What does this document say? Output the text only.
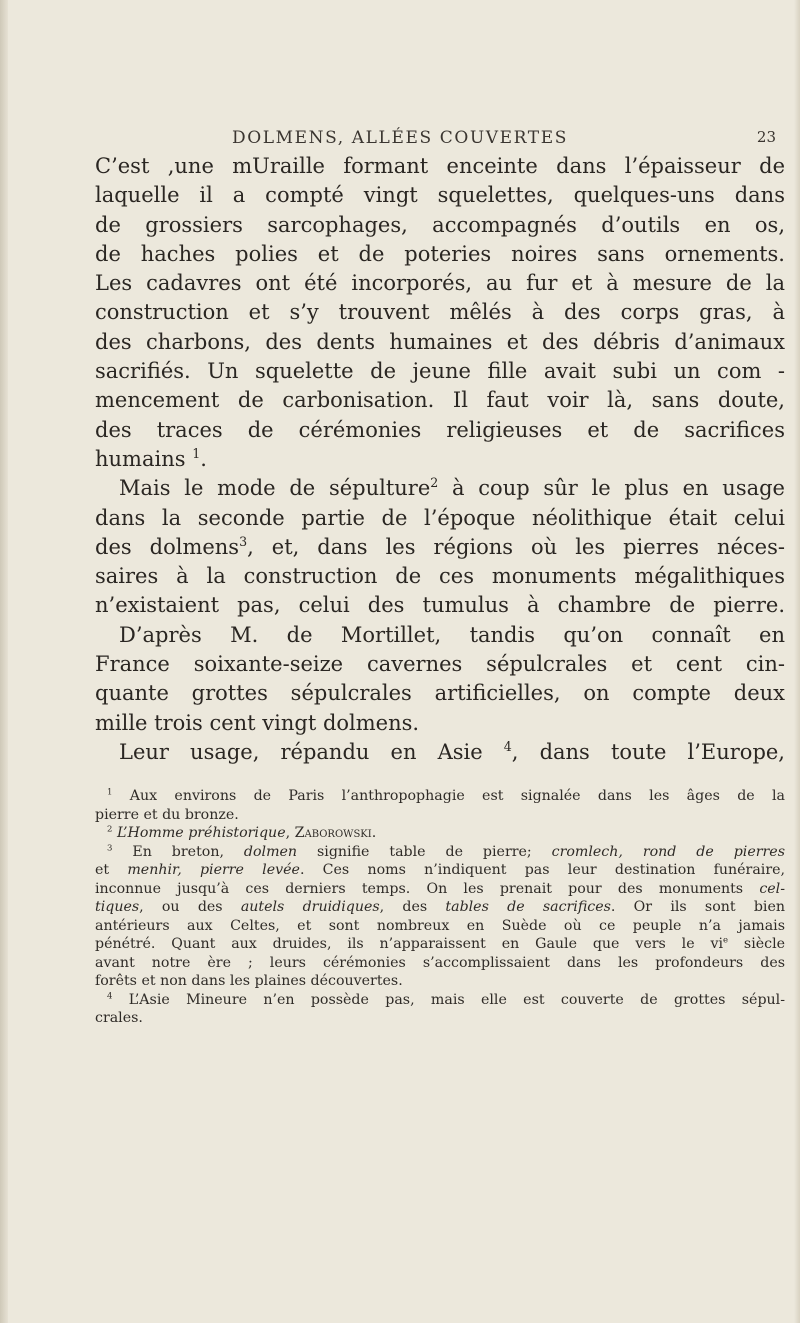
DOLMENS, ALLÉES COUVERTES	23
C’est ,une mUraille formant enceinte dans l’épaisseur de
laquelle il a compté vingt squelettes, quelques-uns dans
de grossiers sarcophages, accompagnés d’outils en os,
de haches polies et de poteries noires sans ornements.
Les cadavres ont été incorporés, au fur et à mesure de la
construction et s’y trouvent mêlés à des corps gras, à
des charbons, des dents humaines et des débris d’animaux
sacrifiés. Un squelette de jeune fille avait subi un com -
mencement de carbonisation. Il faut voir là, sans doute,
des traces de cérémonies religieuses et de sacrifices
humains $^1$.
Mais le mode de sépulture$^2$ à coup sûr le plus en usage
dans la seconde partie de l’époque néolithique était celui
des dolmens$^3$, et, dans les régions où les pierres néces-
saires à la construction de ces monuments mégalithiques
n’existaient pas, celui des tumulus à chambre de pierre.
D’après M. de Mortillet, tandis qu’on connaît en
France soixante-seize cavernes sépulcrales et cent cin-
quante grottes sépulcrales artificielles, on compte deux
mille trois cent vingt dolmens.
Leur usage, répandu en Asie $^4$, dans toute l’Europe,
$^1$ Aux environs de Paris l’anthropophagie est signalée dans les âges de la
pierre et du bronze.
$^2$ L’Homme préhistorique, Zaborowski.
$^3$ En breton, dolmen signifie table de pierre; cromlech, rond de pierres
et menhir, pierre levée. Ces noms n’indiquent pas leur destination funéraire,
inconnue jusqu’à ces derniers temps. On les prenait pour des monuments cel-
tiques, ou des autels druidiques, des tables de sacrifices. Or ils sont bien
antérieurs aux Celtes, et sont nombreux en Suède où ce peuple n’a jamais
pénétré. Quant aux druides, ils n’apparaissent en Gaule que vers le $vi^e$ siècle
avant notre ère ; leurs cérémonies s’accomplissaient dans les profondeurs des
forêts et non dans les plaines découvertes.
$^4$ L’Asie Mineure n’en possède pas, mais elle est couverte de grottes sépul-
crales.
